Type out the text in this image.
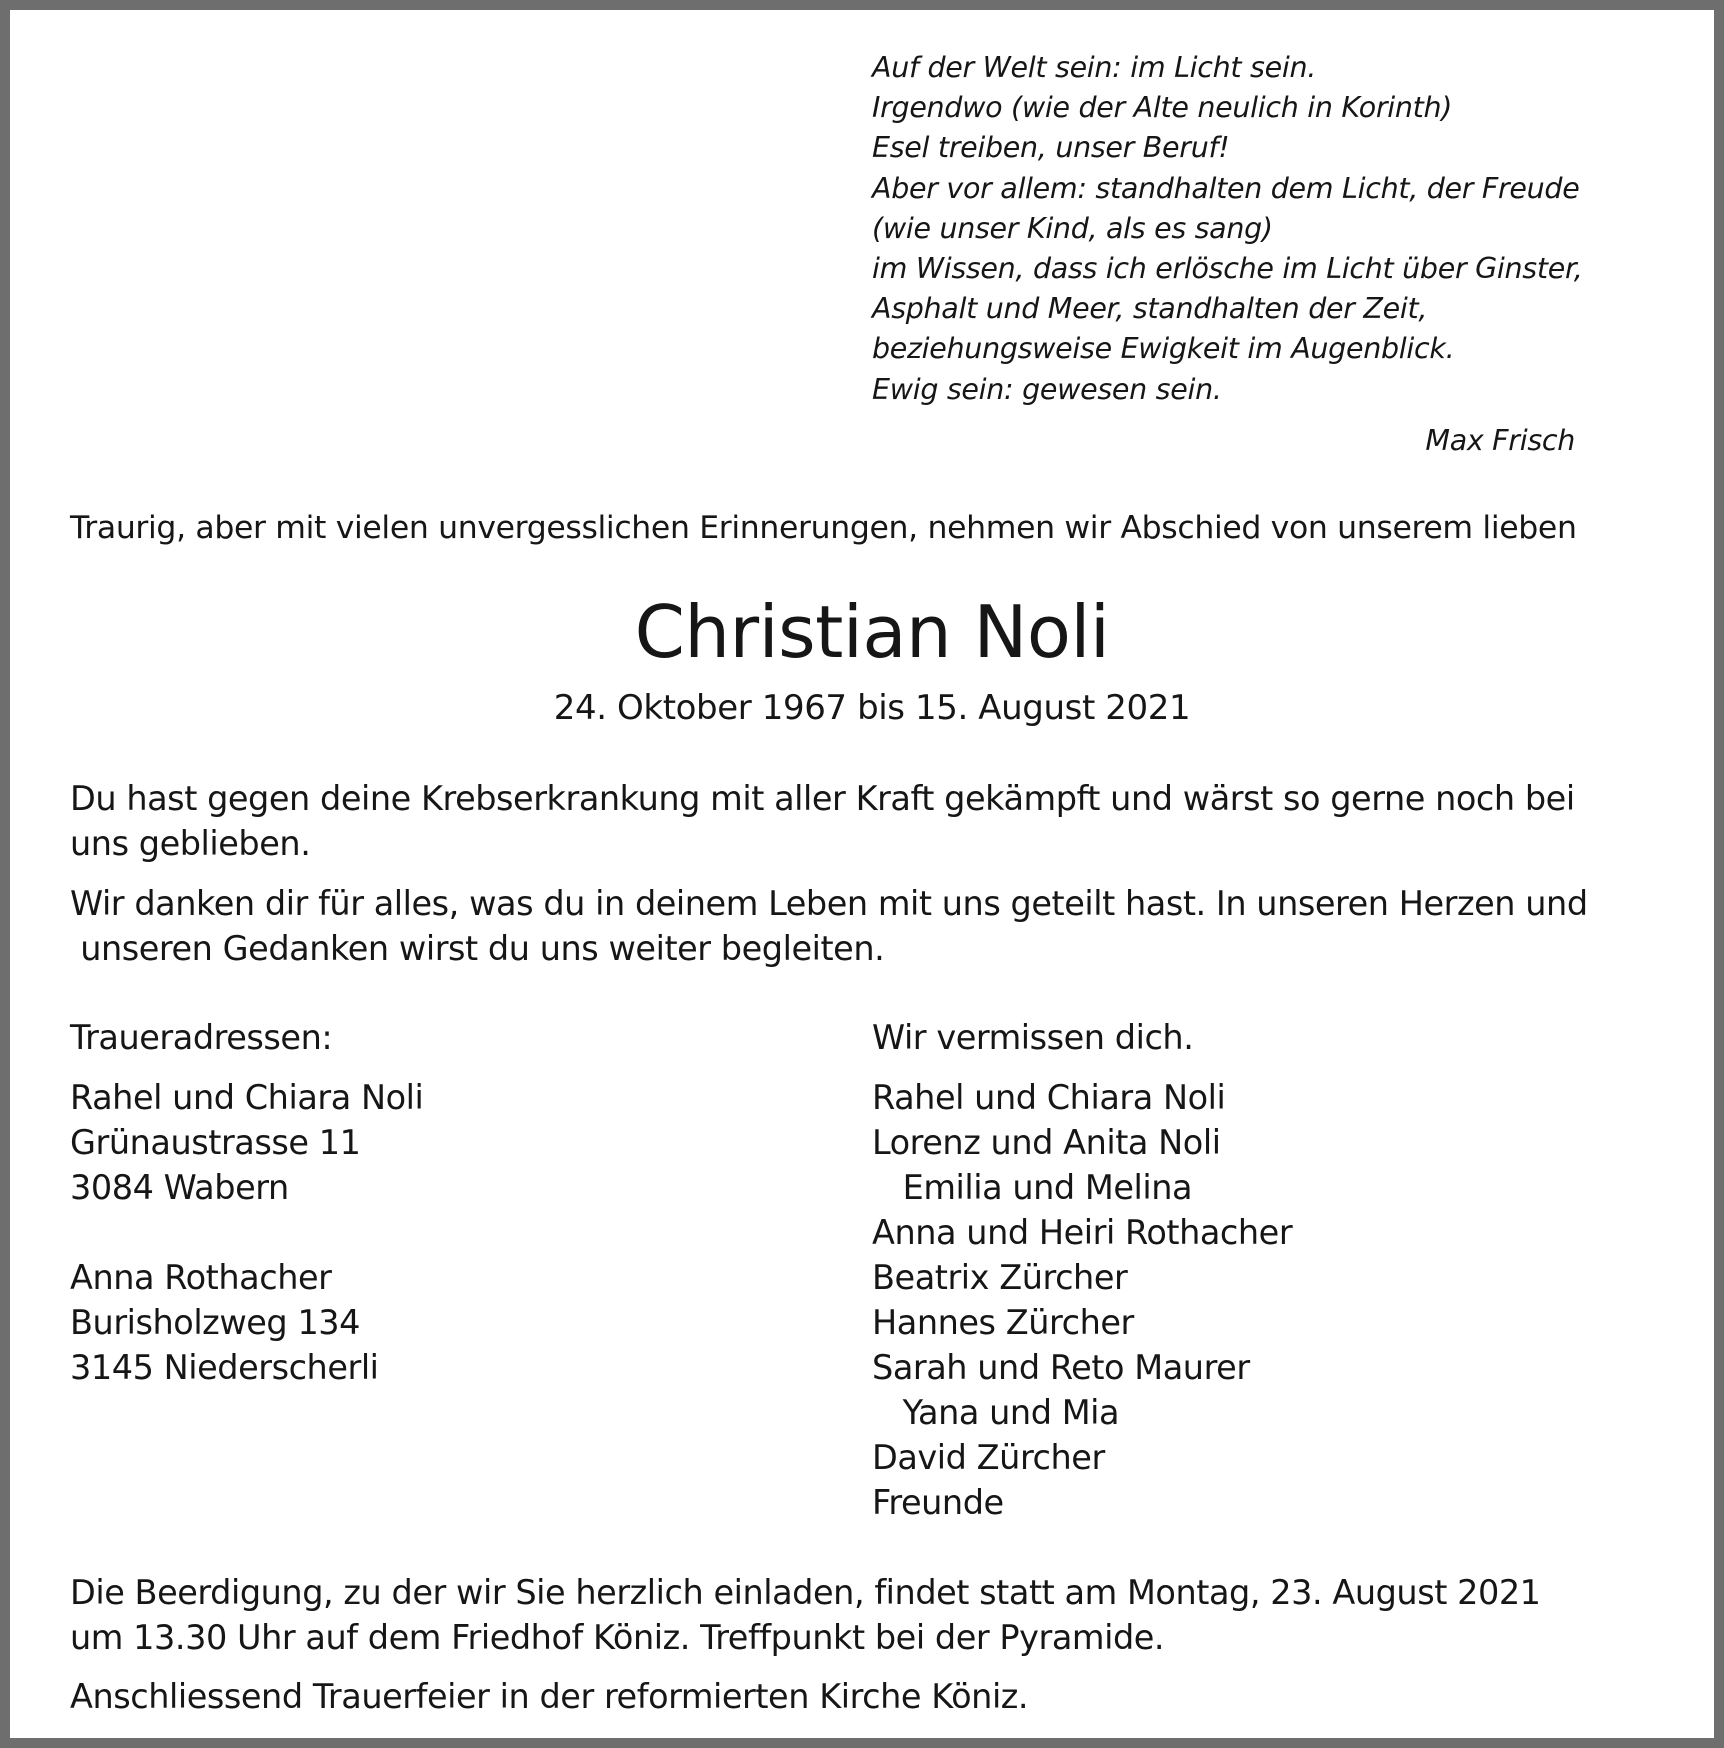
Auf der Welt sein: im Licht sein.
Irgendwo (wie der Alte neulich in Korinth)
Esel treiben, unser Beruf!
Aber vor allem: standhalten dem Licht, der Freude
(wie unser Kind, als es sang)
im Wissen, dass ich erlösche im Licht über Ginster,
Asphalt und Meer, standhalten der Zeit,
beziehungsweise Ewigkeit im Augenblick.
Ewig sein: gewesen sein.
Max Frisch
Traurig, aber mit vielen unvergesslichen Erinnerungen, nehmen wir Abschied von unserem lieben
Christian Noli
24. Oktober 1967 bis 15. August 2021
Du hast gegen deine Krebserkrankung mit aller Kraft gekämpft und wärst so gerne noch bei
uns geblieben.
Wir danken dir für alles, was du in deinem Leben mit uns geteilt hast. In unseren Herzen und
unseren Gedanken wirst du uns weiter begleiten.
Traueradressen:
Rahel und Chiara Noli
Grünaustrasse 11
3084 Wabern
Anna Rothacher
Burisholzweg 134
3145 Niederscherli
Wir vermissen dich.
Rahel und Chiara Noli
Lorenz und Anita Noli
Emilia und Melina
Anna und Heiri Rothacher
Beatrix Zürcher
Hannes Zürcher
Sarah und Reto Maurer
Yana und Mia
David Zürcher
Freunde
Die Beerdigung, zu der wir Sie herzlich einladen, findet statt am Montag, 23. August 2021
um 13.30 Uhr auf dem Friedhof Köniz. Treffpunkt bei der Pyramide.
Anschliessend Trauerfeier in der reformierten Kirche Köniz.
